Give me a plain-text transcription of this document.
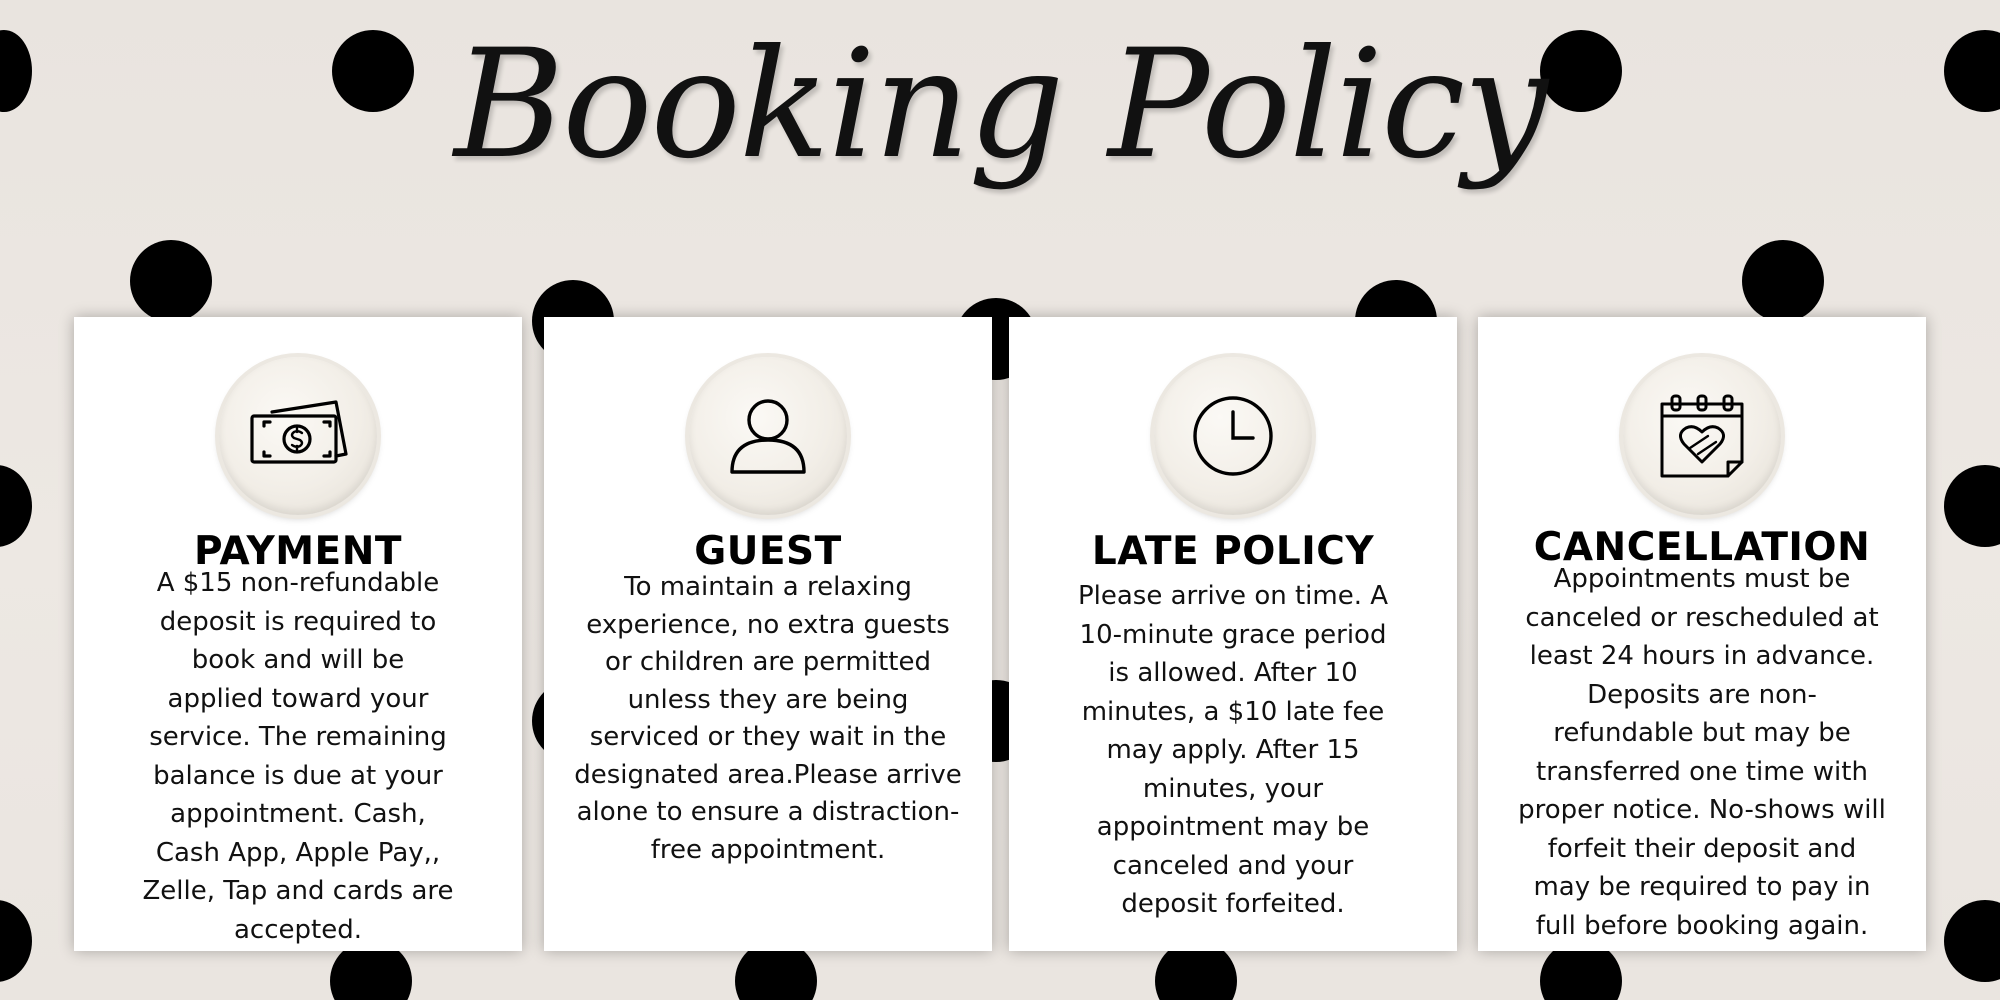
Booking Policy
PAYMENT
A $15 non-refundable
deposit is required to
book and will be
applied toward your
service. The remaining
balance is due at your
appointment. Cash,
Cash App, Apple Pay,,
Zelle, Tap and cards are
accepted.
GUEST
To maintain a relaxing
experience, no extra guests
or children are permitted
unless they are being
serviced or they wait in the
designated area.Please arrive
alone to ensure a distraction-
free appointment.
LATE POLICY
Please arrive on time. A
10-minute grace period
is allowed. After 10
minutes, a $10 late fee
may apply. After 15
minutes, your
appointment may be
canceled and your
deposit forfeited.
CANCELLATION
Appointments must be
canceled or rescheduled at
least 24 hours in advance.
Deposits are non-
refundable but may be
transferred one time with
proper notice. No-shows will
forfeit their deposit and
may be required to pay in
full before booking again.
